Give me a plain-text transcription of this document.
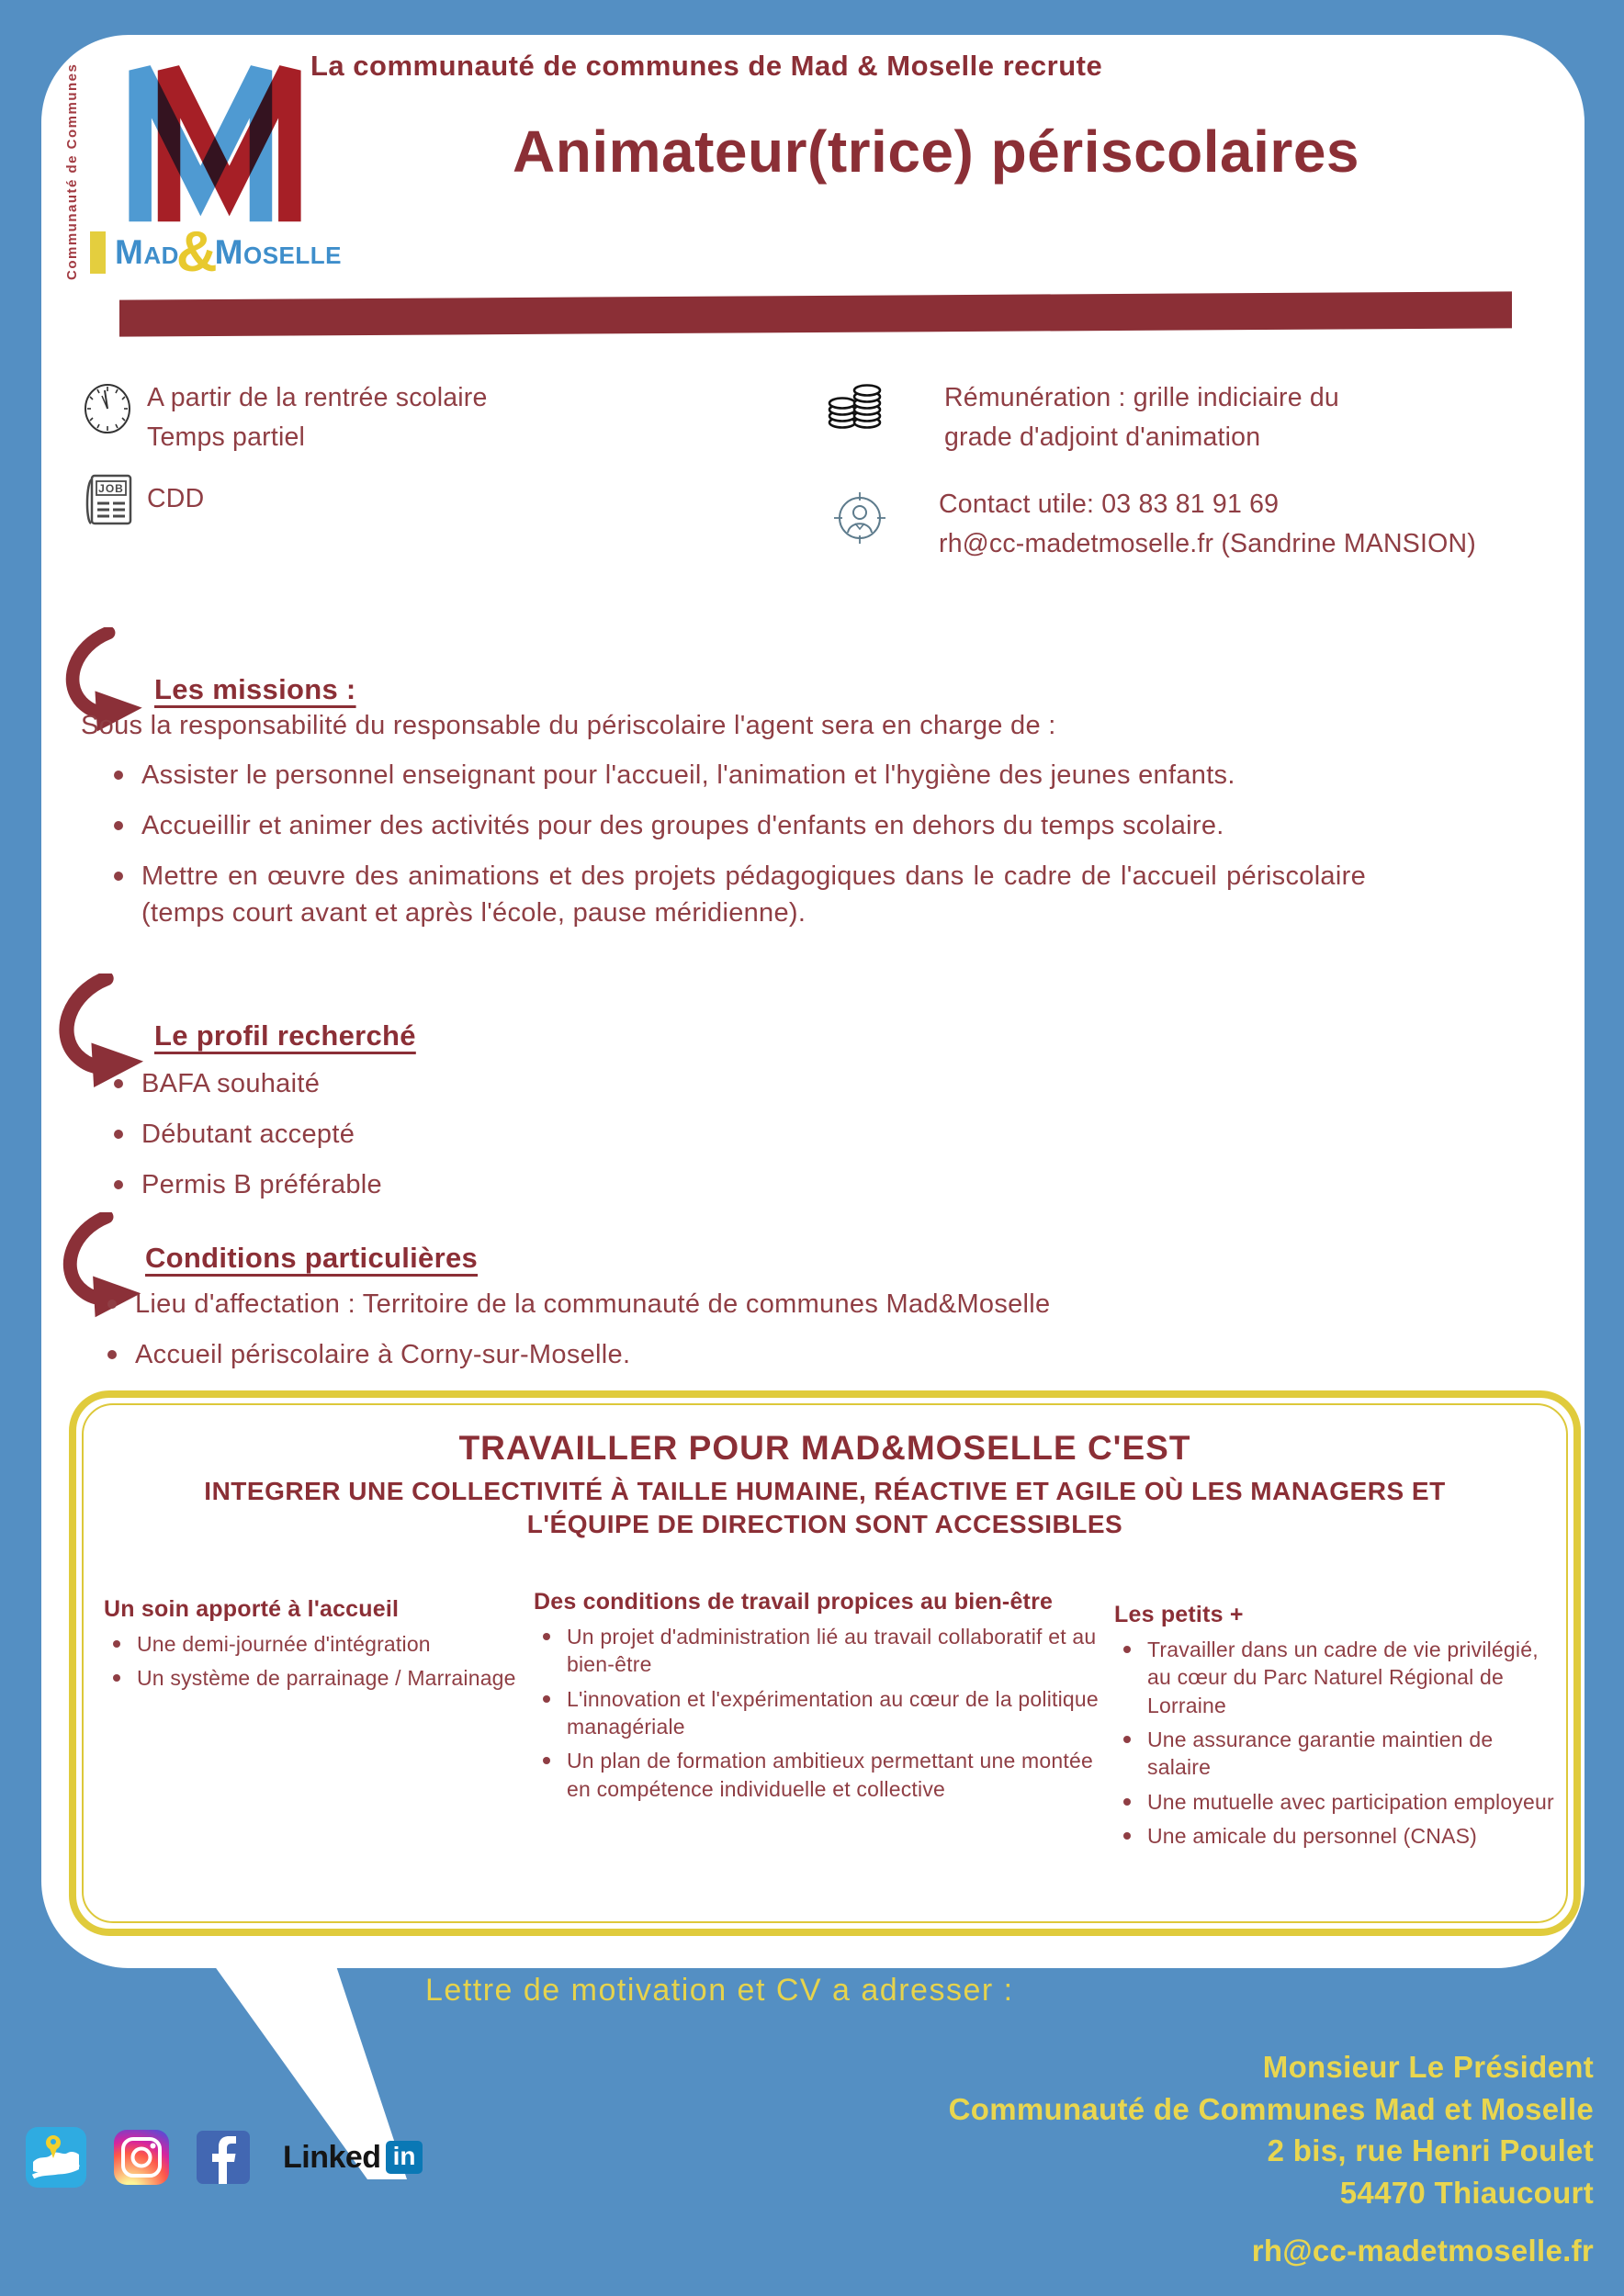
Communauté de Communes Mad
&
Moselle
La communauté de communes de Mad & Moselle recrute
Animateur(trice) périscolaires
A partir de la rentrée scolaire
Temps partiel
Rémunération : grille indiciaire du
grade d'adjoint d'animation
JOB CDD	Contact utile: 03 83 81 91 69
rh@cc-madetmoselle.fr (Sandrine MANSION)
Les missions :

Sous la responsabilité du responsable du périscolaire l'agent sera en charge de :

Assister le personnel enseignant pour l'accueil, l'animation et l'hygiène des jeunes enfants.
Accueillir et animer des activités pour des groupes d'enfants en dehors du temps scolaire.
Mettre en œuvre des animations et des projets pédagogiques dans le cadre de l'accueil périscolaire (temps court avant et après l'école, pause méridienne).
Le profil recherché
BAFA souhaité
Débutant accepté
Permis B préférable
Conditions particulières
Lieu d'affectation : Territoire de la communauté de communes Mad&Moselle
Accueil périscolaire à Corny-sur-Moselle.
TRAVAILLER POUR MAD&MOSELLE C'EST
INTEGRER UNE COLLECTIVITÉ À TAILLE HUMAINE, RÉACTIVE ET AGILE OÙ LES MANAGERS ET L'ÉQUIPE DE DIRECTION SONT ACCESSIBLES
Un soin apporté à l'accueil
Une demi-journée d'intégration
Un système de parrainage / Marrainage
Des conditions de travail propices au bien-être
Un projet d'administration lié au travail collaboratif et au bien-être
L'innovation et l'expérimentation au cœur de la politique managériale
Un plan de formation ambitieux permettant une montée en compétence individuelle et collective
Les petits +
Travailler dans un cadre de vie privilégié, au cœur du Parc Naturel Régional de Lorraine
Une assurance garantie maintien de salaire
Une mutuelle avec participation employeur
Une amicale du personnel (CNAS)
Lettre de motivation et CV a adresser :
Monsieur Le Président
Communauté de Communes Mad et Moselle
2 bis, rue Henri Poulet
54470 Thiaucourt
rh@cc-madetmoselle.fr
Linked in
